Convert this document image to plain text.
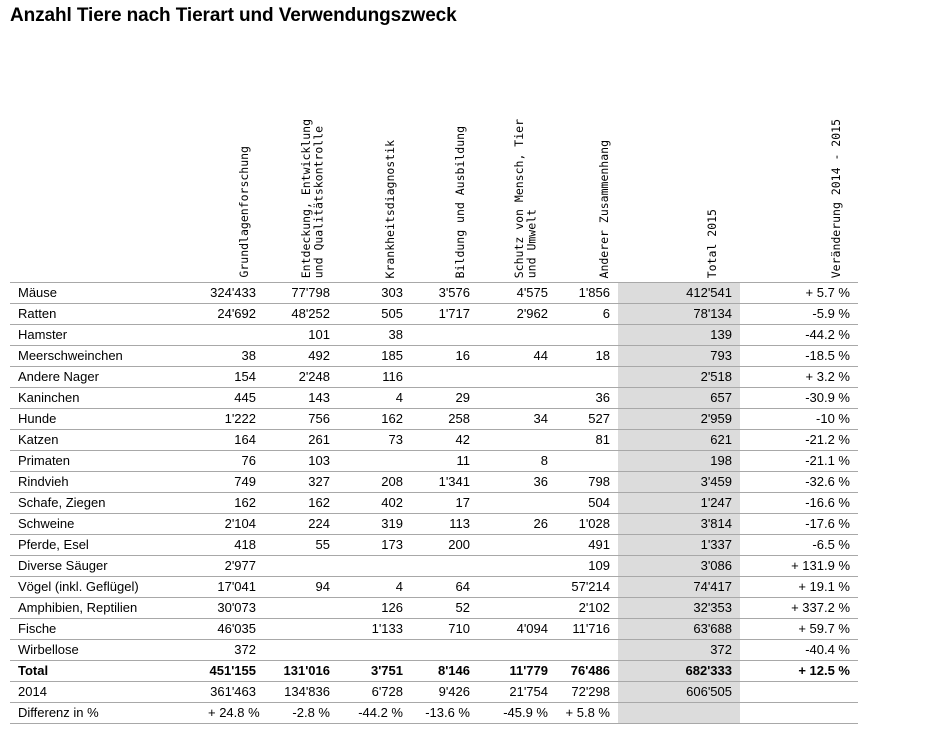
Anzahl Tiere nach Tierart und Verwendungszweck
Grundlagenforschung	Entdeckung, Entwicklung
und Qualitätskontrolle	Krankheitsdiagnostik	Bildung und Ausbildung	Schutz von Mensch, Tier
und Umwelt	Anderer Zusammenhang	Total 2015	Veränderung 2014 - 2015
Mäuse	324'433	77'798	303	3'576	4'575	1'856	412'541	+ 5.7 %
Ratten	24'692	48'252	505	1'717	2'962	6	78'134	-5.9 %
Hamster		101	38				139	-44.2 %
Meerschweinchen	38	492	185	16	44	18	793	-18.5 %
Andere Nager	154	2'248	116				2'518	+ 3.2 %
Kaninchen	445	143	4	29		36	657	-30.9 %
Hunde	1'222	756	162	258	34	527	2'959	-10 %
Katzen	164	261	73	42		81	621	-21.2 %
Primaten	76	103		11	8		198	-21.1 %
Rindvieh	749	327	208	1'341	36	798	3'459	-32.6 %
Schafe, Ziegen	162	162	402	17		504	1'247	-16.6 %
Schweine	2'104	224	319	113	26	1'028	3'814	-17.6 %
Pferde, Esel	418	55	173	200		491	1'337	-6.5 %
Diverse Säuger	2'977					109	3'086	+ 131.9 %
Vögel (inkl. Geflügel)	17'041	94	4	64		57'214	74'417	+ 19.1 %
Amphibien, Reptilien	30'073		126	52		2'102	32'353	+ 337.2 %
Fische	46'035		1'133	710	4'094	11'716	63'688	+ 59.7 %
Wirbellose	372						372	-40.4 %
Total	451'155	131'016	3'751	8'146	11'779	76'486	682'333	+ 12.5 %
2014	361'463	134'836	6'728	9'426	21'754	72'298	606'505	
Differenz in %	+ 24.8 %	-2.8 %	-44.2 %	-13.6 %	-45.9 %	+ 5.8 %		
